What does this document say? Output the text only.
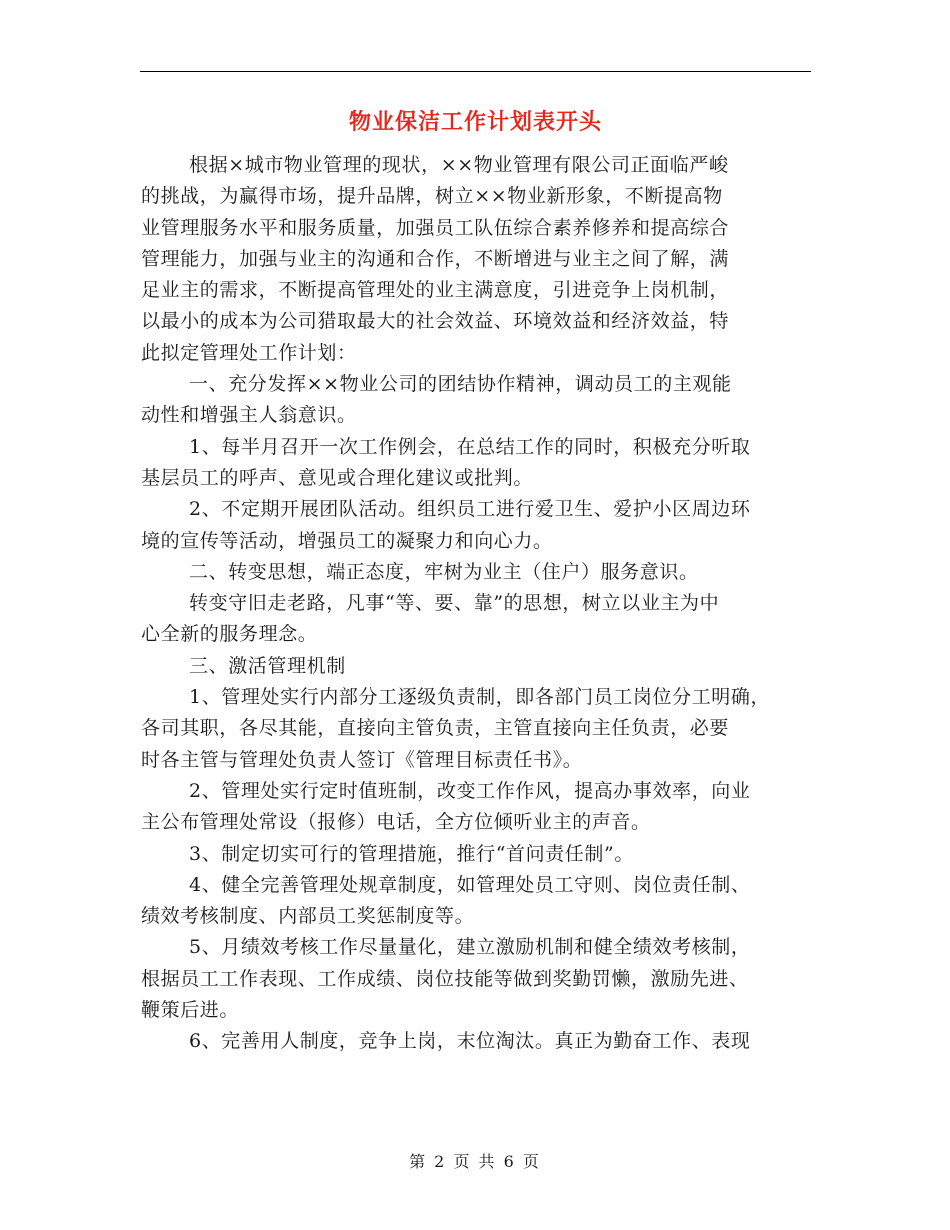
物业保洁工作计划表开头
根据×城市物业管理的现状，××物业管理有限公司正面临严峻
的挑战，为赢得市场，提升品牌，树立××物业新形象，不断提高物
业管理服务水平和服务质量，加强员工队伍综合素养修养和提高综合
管理能力，加强与业主的沟通和合作，不断增进与业主之间了解，满
足业主的需求，不断提高管理处的业主满意度，引进竞争上岗机制，
以最小的成本为公司猎取最大的社会效益、环境效益和经济效益，特
此拟定管理处工作计划：
一、充分发挥××物业公司的团结协作精神，调动员工的主观能
动性和增强主人翁意识。
1、每半月召开一次工作例会，在总结工作的同时，积极充分听取
基层员工的呼声、意见或合理化建议或批判。
2、不定期开展团队活动。组织员工进行爱卫生、爱护小区周边环
境的宣传等活动，增强员工的凝聚力和向心力。
二、转变思想，端正态度，牢树为业主（住户）服务意识。
转变守旧走老路，凡事“等、要、靠”的思想，树立以业主为中
心全新的服务理念。
三、激活管理机制
1、管理处实行内部分工逐级负责制，即各部门员工岗位分工明确，
各司其职，各尽其能，直接向主管负责，主管直接向主任负责，必要
时各主管与管理处负责人签订《管理目标责任书》。
2、管理处实行定时值班制，改变工作作风，提高办事效率，向业
主公布管理处常设（报修）电话，全方位倾听业主的声音。
3、制定切实可行的管理措施，推行“首问责任制”。
4、健全完善管理处规章制度，如管理处员工守则、岗位责任制、
绩效考核制度、内部员工奖惩制度等。
5、月绩效考核工作尽量量化，建立激励机制和健全绩效考核制，
根据员工工作表现、工作成绩、岗位技能等做到奖勤罚懒，激励先进、
鞭策后进。
6、完善用人制度，竞争上岗，末位淘汰。真正为勤奋工作、表现
第 2 页 共 6 页
